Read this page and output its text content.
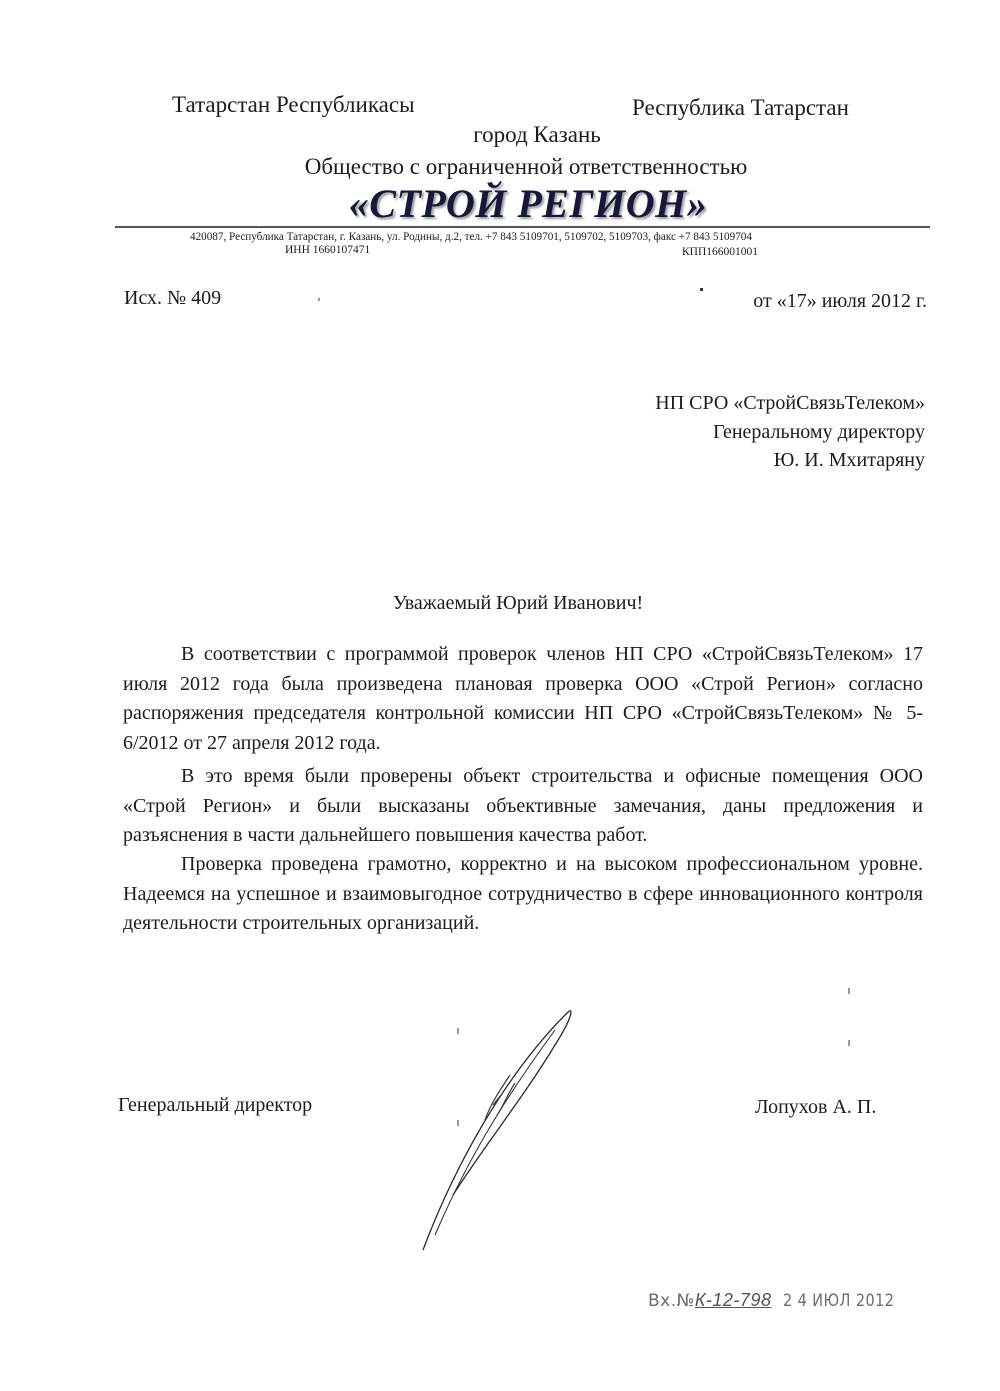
Татарстан Республикасы	Республика Татарстан
город Казань
Общество с ограниченной ответственностью
«СТРОЙ РЕГИОН»
420087, Республика Татарстан, г. Казань, ул. Родины, д.2, тел. +7 843 5109701, 5109702, 5109703, факс +7 843 5109704
ИНН 1660107471	КПП166001001
Исх. № 409	от «17» июля 2012 г.
НП СРО «СтройСвязьТелеком»
Генеральному директору
Ю. И. Мхитаряну
Уважаемый Юрий Иванович!

В соответствии с программой проверок членов НП СРО «СтройСвязьТелеком» 17 июля 2012 года была произведена плановая проверка ООО «Строй Регион» согласно распоряжения председателя контрольной комиссии НП СРО «СтройСвязьТелеком» № 5-6/2012 от 27 апреля 2012 года.

В это время были проверены объект строительства и офисные помещения ООО «Строй Регион» и были высказаны объективные замечания, даны предложения и разъяснения в части дальнейшего повышения качества работ.

Проверка проведена грамотно, корректно и на высоком профессиональном уровне. Надеемся на успешное и взаимовыгодное сотрудничество в сфере инновационного контроля деятельности строительных организаций.

Генеральный директор	Лопухов А. П.
Вх.№К-12-798 2 4 ИЮЛ 2012
